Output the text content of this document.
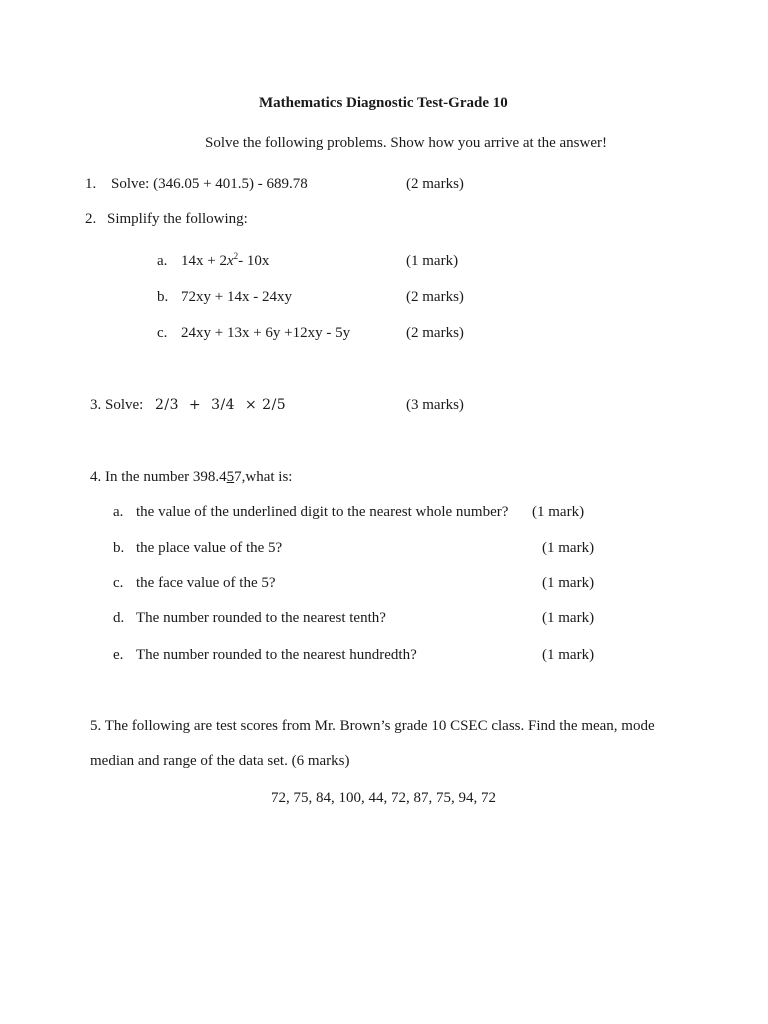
Mathematics Diagnostic Test-Grade 10
Solve the following problems. Show how you arrive at the answer!
1. Solve: (346.05 + 401.5) - 689.78	(2 marks)
2. Simplify the following:
a. $14x + 2x^2-$ 10x	(1 mark)
b. 72xy + 14x - 24xy	(2 marks)
c. 24xy + 13x + 6y +12xy - 5y	(2 marks)
3. Solve: 2/3  +  3/4  × 2/5	(3 marks)
4. In the number 398.457,what is:
a. the value of the underlined digit to the nearest whole number? (1 mark)
b. the place value of the 5?	(1 mark)
c. the face value of the 5?	(1 mark)
d. The number rounded to the nearest tenth?	(1 mark)
e. The number rounded to the nearest hundredth?	(1 mark)
5. The following are test scores from Mr. Brown’s grade 10 CSEC class. Find the mean, mode
median and range of the data set. (6 marks)
72, 75, 84, 100, 44, 72, 87, 75, 94, 72
